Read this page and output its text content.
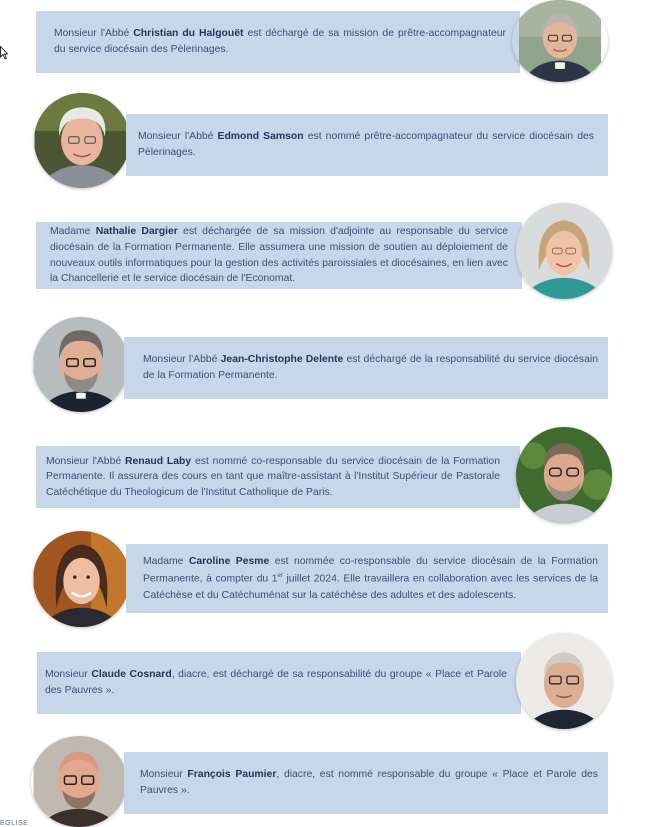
Monsieur l'Abbé Christian du Halgouët est déchargé de sa mission de prêtre-accompagnateur du service diocésain des Pèlerinages.

Monsieur l'Abbé Edmond Samson est nommé prêtre-accompagnateur du service diocésain des Pèlerinages.

Madame Nathalie Dargier est déchargée de sa mission d'adjointe au responsable du service diocésain de la Formation Permanente. Elle assumera une mission de soutien au déploiement de nouveaux outils informatiques pour la gestion des activités paroissiales et diocésaines, en lien avec la Chancellerie et le service diocésain de l'Economat.

Monsieur l'Abbé Jean-Christophe Delente est déchargé de la responsabilité du service diocésain de la Formation Permanente.

Monsieur l'Abbé Renaud Laby est nommé co-responsable du service diocésain de la Formation Permanente. Il assurera des cours en tant que maître-assistant à l'Institut Supérieur de Pastorale Catéchétique du Theologicum de l'Institut Catholique de Paris.

Madame Caroline Pesme est nommée co-responsable du service diocésain de la Formation Permanente, à compter du 1er juillet 2024. Elle travaillera en collaboration avec les services de la Catéchèse et du Catéchuménat sur la catéchèse des adultes et des adolescents.

Monsieur Claude Cosnard, diacre, est déchargé de sa responsabilité du groupe « Place et Parole des Pauvres ».

Monsieur François Paumier, diacre, est nommé responsable du groupe « Place et Parole des Pauvres ».

EGLISE
